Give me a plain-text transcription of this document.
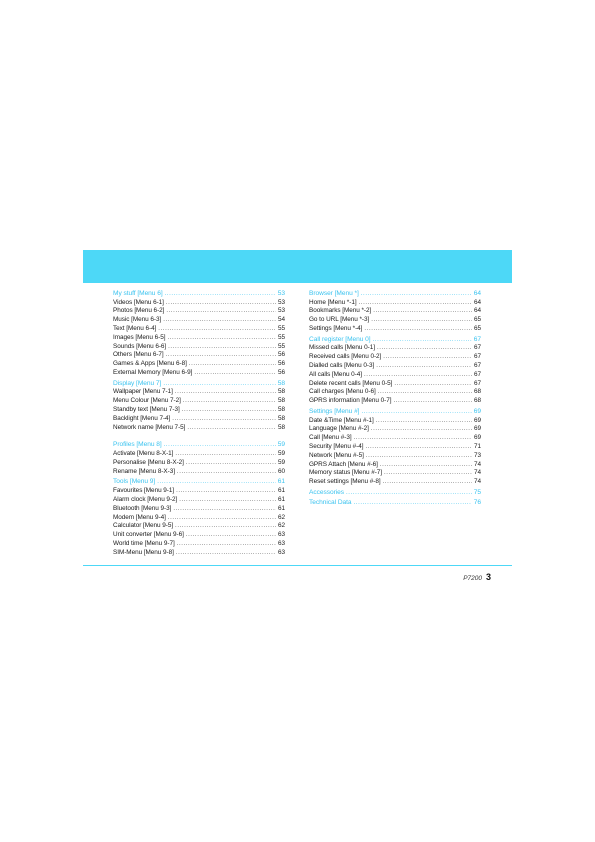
My stuff [Menu 6] .....	53
Videos [Menu 6-1] .....	53
Photos [Menu 6-2] .....	53
Music [Menu 6-3] .....	54
Text [Menu 6-4] .....	55
Images [Menu 6-5] .....	55
Sounds [Menu 6-6] .....	55
Others [Menu 6-7] .....	56
Games & Apps [Menu 6-8] .....	56
External Memory [Menu 6-9] .....	56
Display [Menu 7] .....	58
Wallpaper [Menu 7-1] .....	58
Menu Colour [Menu 7-2] .....	58
Standby text [Menu 7-3] .....	58
Backlight [Menu 7-4] .....	58
Network name [Menu 7-5] .....	58
Profiles [Menu 8] .....	59
Activate [Menu 8-X-1] .....	59
Personalise [Menu 8-X-2] .....	59
Rename [Menu 8-X-3] .....	60
Tools [Menu 9] .....	61
Favourites [Menu 9-1] .....	61
Alarm clock [Menu 9-2] .....	61
Bluetooth [Menu 9-3] .....	61
Modem [Menu 9-4] .....	62
Calculator [Menu 9-5] .....	62
Unit converter [Menu 9-6] .....	63
World time [Menu 9-7] .....	63
SIM-Menu [Menu 9-8] .....	63
Browser [Menu *] .....	64
Home [Menu *-1] .....	64
Bookmarks [Menu *-2] .....	64
Go to URL [Menu *-3] .....	65
Settings [Menu *-4] .....	65
Call register [Menu 0] .....	67
Missed calls [Menu 0-1] .....	67
Received calls [Menu 0-2] .....	67
Dialled calls [Menu 0-3] .....	67
All calls [Menu 0-4] .....	67
Delete recent calls [Menu 0-5] .....	67
Call charges [Menu 0-6] .....	68
GPRS information [Menu 0-7] .....	68
Settings [Menu #] .....	69
Date &Time [Menu #-1] .....	69
Language [Menu #-2] .....	69
Call [Menu #-3] .....	69
Security [Menu #-4] .....	71
Network [Menu #-5] .....	73
GPRS Attach [Menu #-6] .....	74
Memory status [Menu #-7] .....	74
Reset settings [Menu #-8] .....	74
Accessories .....	75
Technical Data .....	76
P7200 3
